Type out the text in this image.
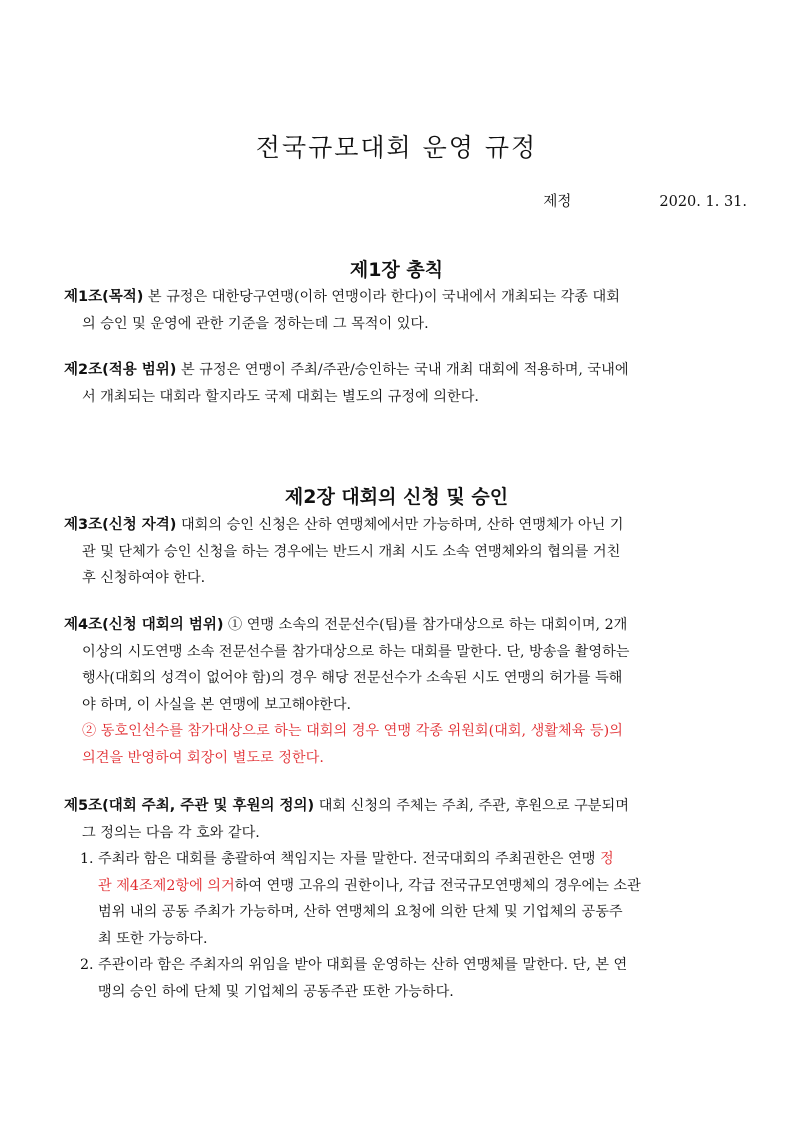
전국규모대회 운영 규정
제정	2020. 1. 31.
제1장 총칙
제1조(목적) 본 규정은 대한당구연맹(이하 연맹이라 한다)이 국내에서 개최되는 각종 대회
의 승인 및 운영에 관한 기준을 정하는데 그 목적이 있다.
제2조(적용 범위) 본 규정은 연맹이 주최/주관/승인하는 국내 개최 대회에 적용하며, 국내에
서 개최되는 대회라 할지라도 국제 대회는 별도의 규정에 의한다.
제2장 대회의 신청 및 승인
제3조(신청 자격) 대회의 승인 신청은 산하 연맹체에서만 가능하며, 산하 연맹체가 아닌 기
관 및 단체가 승인 신청을 하는 경우에는 반드시 개최 시도 소속 연맹체와의 협의를 거친
후 신청하여야 한다.
제4조(신청 대회의 범위) ① 연맹 소속의 전문선수(팀)를 참가대상으로 하는 대회이며, 2개
이상의 시도연맹 소속 전문선수를 참가대상으로 하는 대회를 말한다. 단, 방송을 촬영하는
행사(대회의 성격이 없어야 함)의 경우 해당 전문선수가 소속된 시도 연맹의 허가를 득해
야 하며, 이 사실을 본 연맹에 보고해야한다.
② 동호인선수를 참가대상으로 하는 대회의 경우 연맹 각종 위원회(대회, 생활체육 등)의
의견을 반영하여 회장이 별도로 정한다.
제5조(대회 주최, 주관 및 후원의 정의) 대회 신청의 주체는 주최, 주관, 후원으로 구분되며
그 정의는 다음 각 호와 같다.
1. 주최라 함은 대회를 총괄하여 책임지는 자를 말한다. 전국대회의 주최권한은 연맹 정
관 제4조제2항에 의거하여 연맹 고유의 권한이나, 각급 전국규모연맹체의 경우에는 소관
범위 내의 공동 주최가 가능하며, 산하 연맹체의 요청에 의한 단체 및 기업체의 공동주
최 또한 가능하다.
2. 주관이라 함은 주최자의 위임을 받아 대회를 운영하는 산하 연맹체를 말한다. 단, 본 연
맹의 승인 하에 단체 및 기업체의 공동주관 또한 가능하다.
